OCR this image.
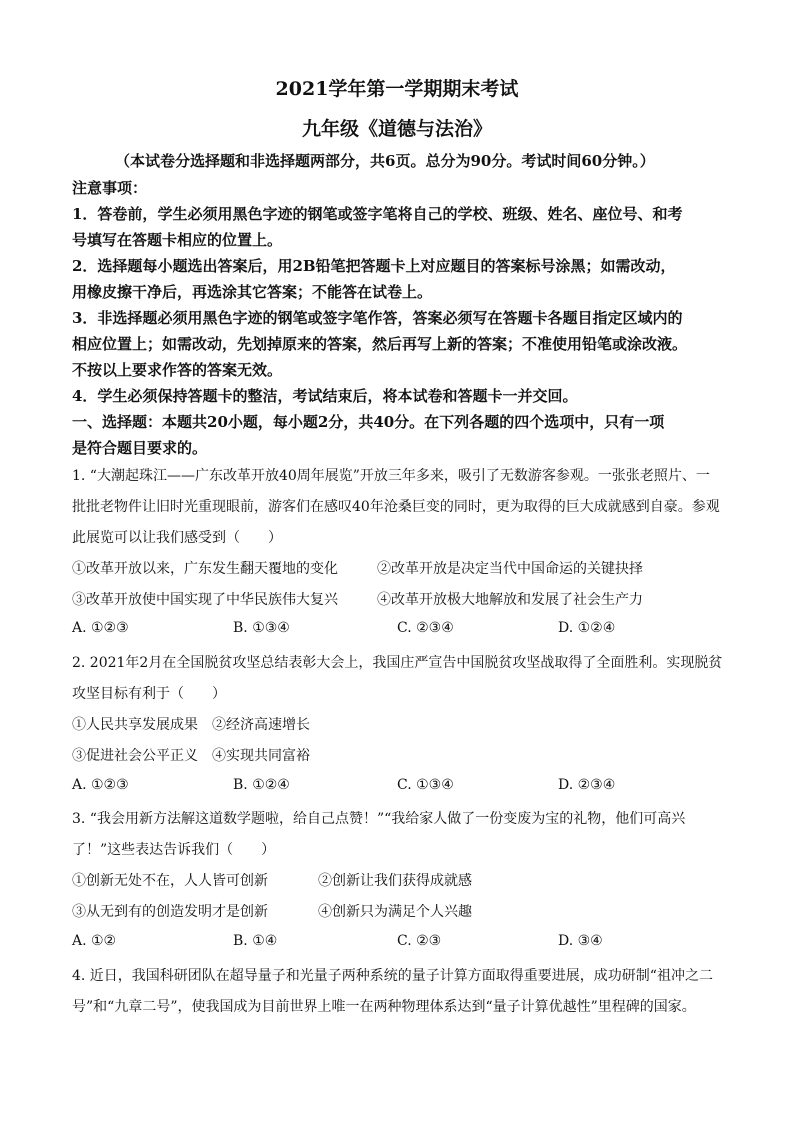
2021学年第一学期期末考试
九年级《道德与法治》
（本试卷分选择题和非选择题两部分，共6页。总分为90分。考试时间60分钟。）
注意事项：
1．答卷前，学生必须用黑色字迹的钢笔或签字笔将自己的学校、班级、姓名、座位号、和考
号填写在答题卡相应的位置上。
2．选择题每小题选出答案后，用2B铅笔把答题卡上对应题目的答案标号涂黑；如需改动，
用橡皮擦干净后，再选涂其它答案；不能答在试卷上。
3．非选择题必须用黑色字迹的钢笔或签字笔作答，答案必须写在答题卡各题目指定区域内的
相应位置上；如需改动，先划掉原来的答案，然后再写上新的答案；不准使用铅笔或涂改液。
不按以上要求作答的答案无效。
4．学生必须保持答题卡的整洁，考试结束后，将本试卷和答题卡一并交回。
一、选择题：本题共20小题，每小题2分，共40分。在下列各题的四个选项中，只有一项
是符合题目要求的。
1. “大潮起珠江——广东改革开放40周年展览”开放三年多来，吸引了无数游客参观。一张张老照片、一
批批老物件让旧时光重现眼前，游客们在感叹40年沧桑巨变的同时，更为取得的巨大成就感到自豪。参观
此展览可以让我们感受到（　　）
①改革开放以来，广东发生翻天覆地的变化	②改革开放是决定当代中国命运的关键抉择
③改革开放使中国实现了中华民族伟大复兴	④改革开放极大地解放和发展了社会生产力
A. ①②③	B. ①③④	C. ②③④	D. ①②④
2. 2021年2月在全国脱贫攻坚总结表彰大会上，我国庄严宣告中国脱贫攻坚战取得了全面胜利。实现脱贫
攻坚目标有利于（　　）
①人民共享发展成果　②经济高速增长
③促进社会公平正义　④实现共同富裕
A. ①②③	B. ①②④	C. ①③④	D. ②③④
3. “我会用新方法解这道数学题啦，给自己点赞！”“我给家人做了一份变废为宝的礼物，他们可高兴
了！”这些表达告诉我们（　　）
①创新无处不在，人人皆可创新	②创新让我们获得成就感
③从无到有的创造发明才是创新	④创新只为满足个人兴趣
A. ①②	B. ①④	C. ②③	D. ③④
4. 近日，我国科研团队在超导量子和光量子两种系统的量子计算方面取得重要进展，成功研制“祖冲之二
号”和“九章二号”，使我国成为目前世界上唯一在两种物理体系达到“量子计算优越性”里程碑的国家。
